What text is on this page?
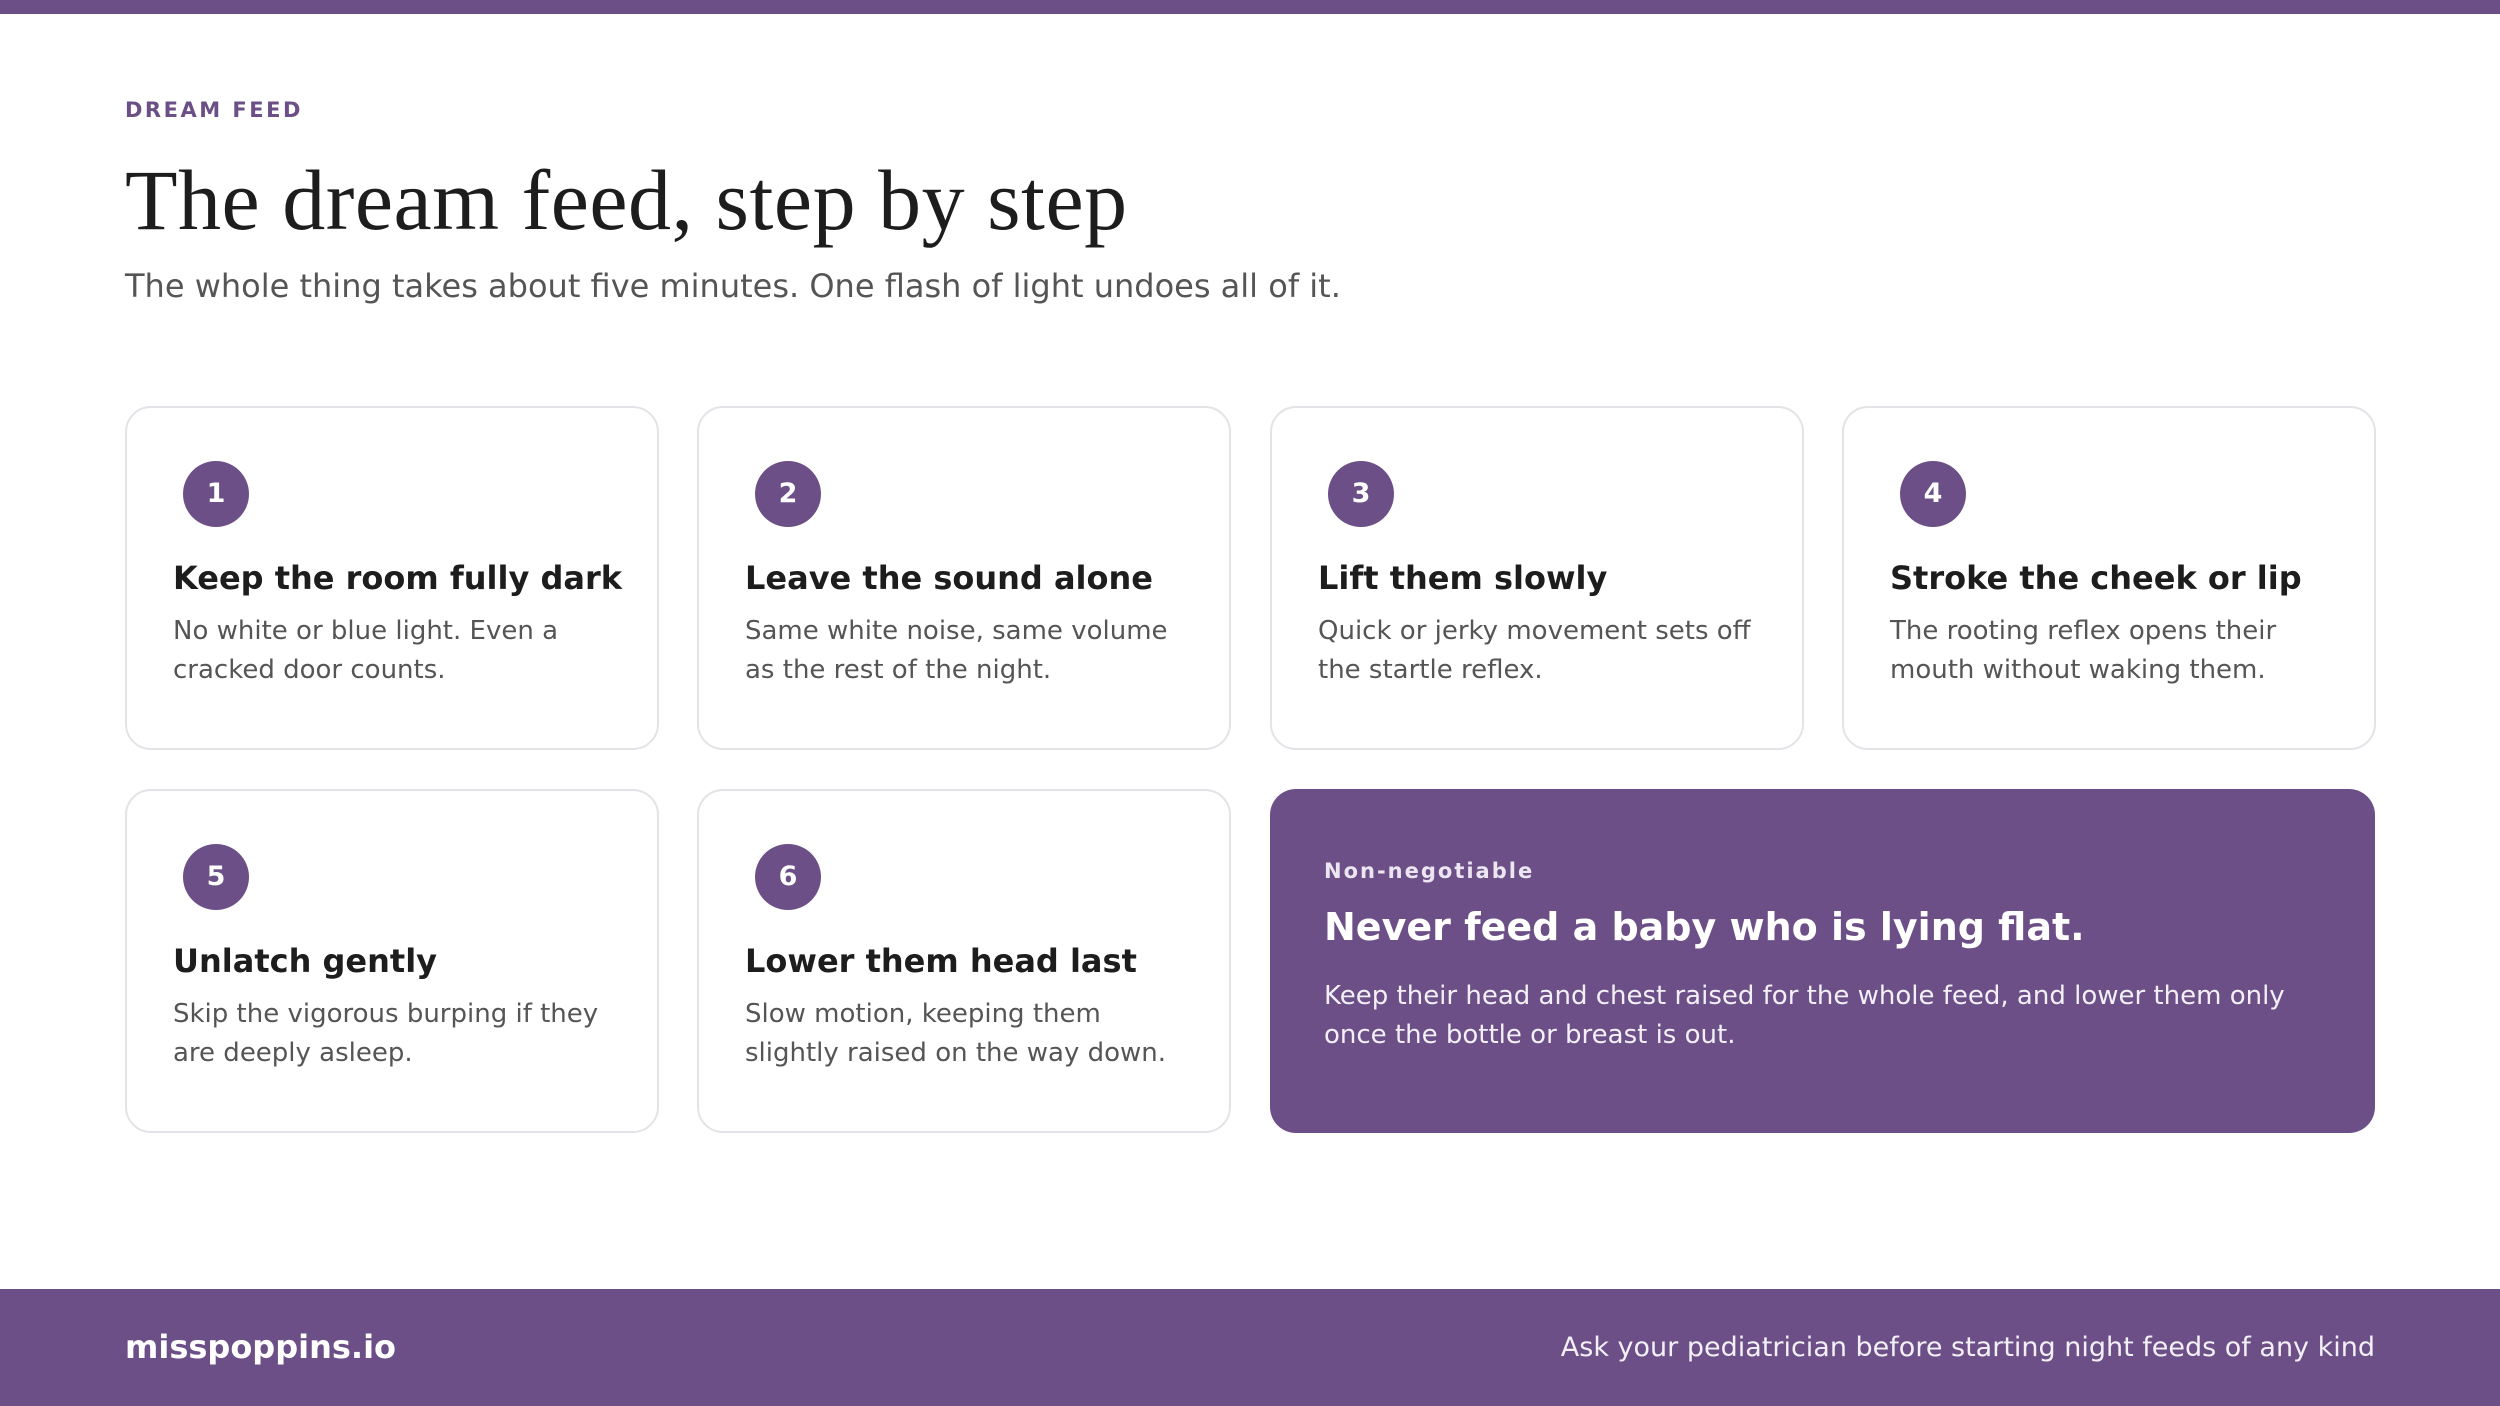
DREAM FEED
The dream feed, step by step

The whole thing takes about five minutes. One flash of light undoes all of it.

1
Keep the room fully dark

No white or blue light. Even a cracked door counts.

2
Leave the sound alone

Same white noise, same volume as the rest of the night.

3
Lift them slowly

Quick or jerky movement sets off the startle reflex.

4
Stroke the cheek or lip

The rooting reflex opens their mouth without waking them.

5
Unlatch gently

Skip the vigorous burping if they are deeply asleep.

6
Lower them head last

Slow motion, keeping them slightly raised on the way down.

Non-negotiable
Never feed a baby who is lying flat.

Keep their head and chest raised for the whole feed, and lower them only once the bottle or breast is out.

misspoppins.io	Ask your pediatrician before starting night feeds of any kind
